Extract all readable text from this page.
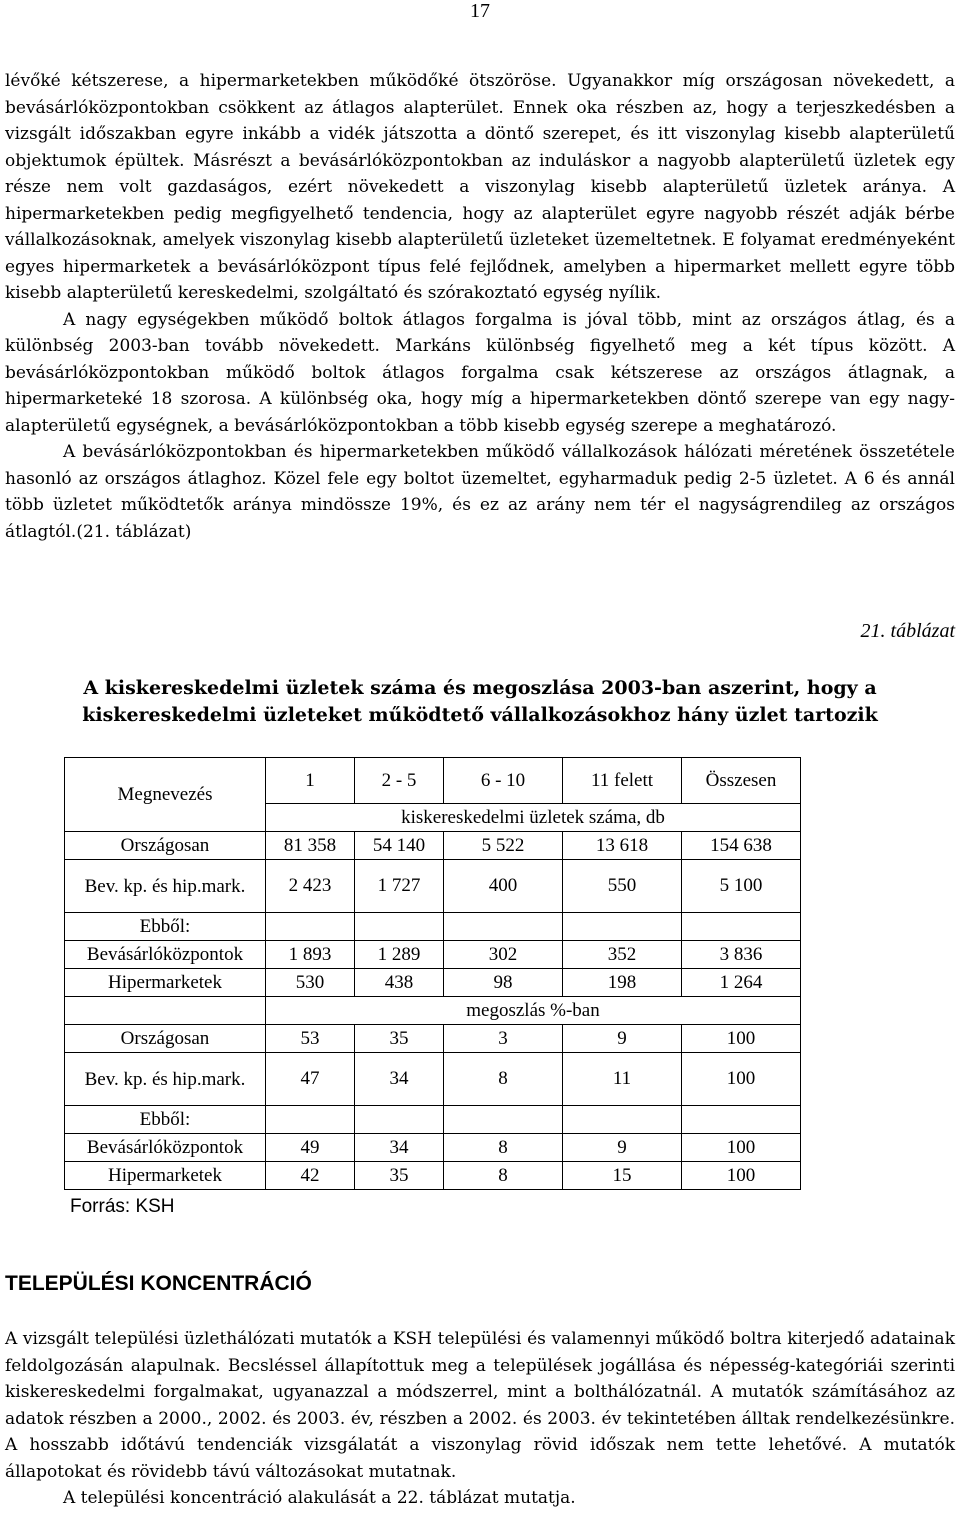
17

lévőké kétszerese, a hipermarketekben működőké ötszöröse. Ugyanakkor míg országosan növekedett, a bevásárlóközpontokban csökkent az átlagos alapterület. Ennek oka részben az, hogy a terjeszkedésben a vizsgált időszakban egyre inkább a vidék játszotta a döntő szerepet, és itt viszonylag kisebb alapterületű objektumok épültek. Másrészt a bevásárlóközpontokban az induláskor a nagyobb alapterületű üzletek egy része nem volt gazdaságos, ezért növekedett a viszonylag kisebb alapterületű üzletek aránya. A hipermarketekben pedig megfigyelhető tendencia, hogy az alapterület egyre nagyobb részét adják bérbe vállalkozásoknak, amelyek viszonylag kisebb alapterületű üzleteket üzemeltetnek. E folyamat eredményeként egyes hipermarketek a bevásárlóközpont típus felé fejlődnek, amelyben a hipermarket mellett egyre több kisebb alapterületű kereskedelmi, szolgáltató és szórakoztató egység nyílik.

A nagy egységekben működő boltok átlagos forgalma is jóval több, mint az országos átlag, és a különbség 2003-ban tovább növekedett. Markáns különbség figyelhető meg a két típus között. A bevásárlóközpontokban működő boltok átlagos forgalma csak kétszerese az országos átlagnak, a hipermarketeké 18 szorosa. A különbség oka, hogy míg a hipermarketekben döntő szerepe van egy nagy-alapterületű egységnek, a bevásárlóközpontokban a több kisebb egység szerepe a meghatározó.

A bevásárlóközpontokban és hipermarketekben működő vállalkozások hálózati méretének összetétele hasonló az országos átlaghoz. Közel fele egy boltot üzemeltet, egyharmaduk pedig 2-5 üzletet. A 6 és annál több üzletet működtetők aránya mindössze 19%, és ez az arány nem tér el nagyságrendileg az országos átlagtól.(21. táblázat)

21. táblázat
A kiskereskedelmi üzletek száma és megoszlása 2003-ban aszerint, hogy a kiskereskedelmi üzleteket működtető vállalkozásokhoz hány üzlet tartozik
Megnevezés	1	2 - 5	6 - 10	11 felett	Összesen
	kiskereskedelmi üzletek száma, db				
Országosan	81 358	54 140	5 522	13 618	154 638
Bev. kp. és hip.mark.	2 423	1 727	400	550	5 100
Ebből:					
Bevásárlóközpontok	1 893	1 289	302	352	3 836
Hipermarketek	530	438	98	198	1 264
	megoszlás %-ban				
Országosan	53	35	3	9	100
Bev. kp. és hip.mark.	47	34	8	11	100
Ebből:					
Bevásárlóközpontok	49	34	8	9	100
Hipermarketek	42	35	8	15	100
Forrás: KSH
TELEPÜLÉSI KONCENTRÁCIÓ

A vizsgált települési üzlethálózati mutatók a KSH települési és valamennyi működő boltra kiterjedő adatainak feldolgozásán alapulnak. Becsléssel állapítottuk meg a települések jogállása és népesség-kategóriái szerinti kiskereskedelmi forgalmakat, ugyanazzal a módszerrel, mint a bolthálózatnál. A mutatók számításához az adatok részben a 2000., 2002. és 2003. év, részben a 2002. és 2003. év tekintetében álltak rendelkezésünkre. A hosszabb időtávú tendenciák vizsgálatát a viszonylag rövid időszak nem tette lehetővé. A mutatók állapotokat és rövidebb távú változásokat mutatnak.

A települési koncentráció alakulását a 22. táblázat mutatja.
